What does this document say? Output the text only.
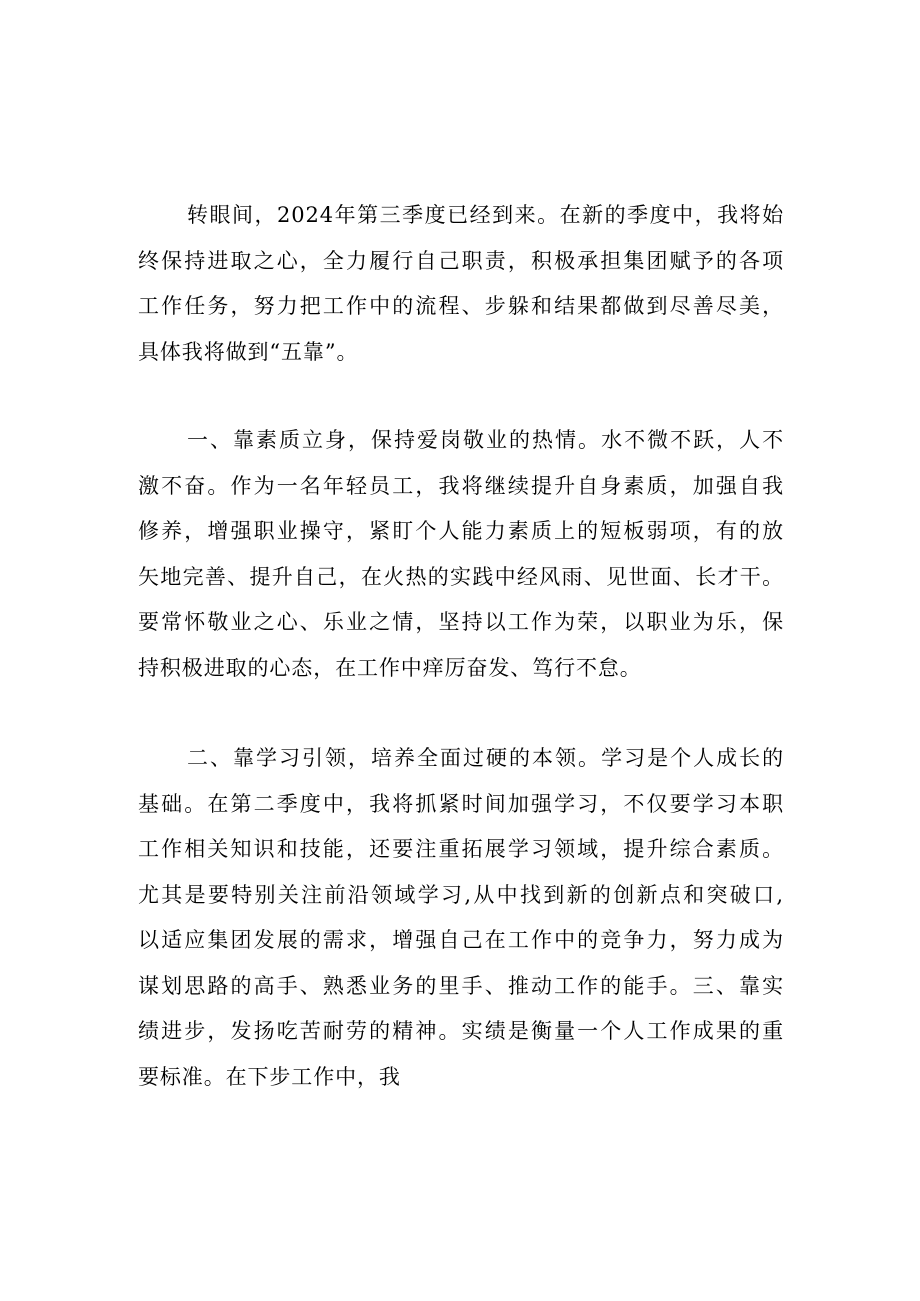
转眼间，2024年第三季度已经到来。在新的季度中，我将始
终保持进取之心，全力履行自己职责，积极承担集团赋予的各项
工作任务，努力把工作中的流程、步躲和结果都做到尽善尽美，
具体我将做到“五靠”。

一、靠素质立身，保持爱岗敬业的热情。水不微不跃，人不
激不奋。作为一名年轻员工，我将继续提升自身素质，加强自我
修养，增强职业操守，紧盯个人能力素质上的短板弱项，有的放
矢地完善、提升自己，在火热的实践中经风雨、见世面、长才干。
要常怀敬业之心、乐业之情，坚持以工作为荣，以职业为乐，保
持积极进取的心态，在工作中痒厉奋发、笃行不怠。

二、靠学习引领，培养全面过硬的本领。学习是个人成长的
基础。在第二季度中，我将抓紧时间加强学习，不仅要学习本职
工作相关知识和技能，还要注重拓展学习领域，提升综合素质。
尤其是要特别关注前沿领域学习,从中找到新的创新点和突破口,
以适应集团发展的需求，增强自己在工作中的竞争力，努力成为
谋划思路的高手、熟悉业务的里手、推动工作的能手。三、靠实
绩进步，发扬吃苦耐劳的精神。实绩是衡量一个人工作成果的重
要标准。在下步工作中，我
